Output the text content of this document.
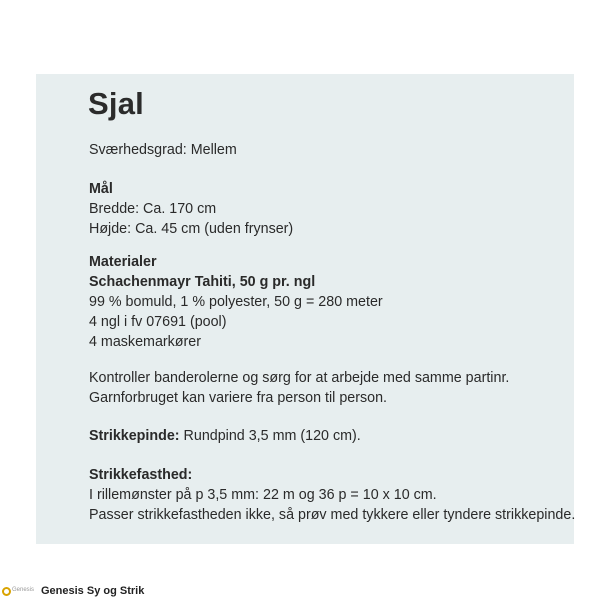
Sjal
Sværhedsgrad: Mellem
Mål
Bredde: Ca. 170 cm
Højde: Ca. 45 cm (uden frynser)
Materialer
Schachenmayr Tahiti, 50 g pr. ngl
99 % bomuld, 1 % polyester, 50 g = 280 meter
4 ngl i fv 07691 (pool)
4 maskemarkører
Kontroller banderolerne og sørg for at arbejde med samme partinr.
Garnforbruget kan variere fra person til person.
Strikkepinde: Rundpind 3,5 mm (120 cm).
Strikkefasthed:
I rillemønster på p 3,5 mm: 22 m og 36 p = 10 x 10 cm.
Passer strikkefastheden ikke, så prøv med tykkere eller tyndere strikkepinde.
Genesis Genesis Sy og Strik
